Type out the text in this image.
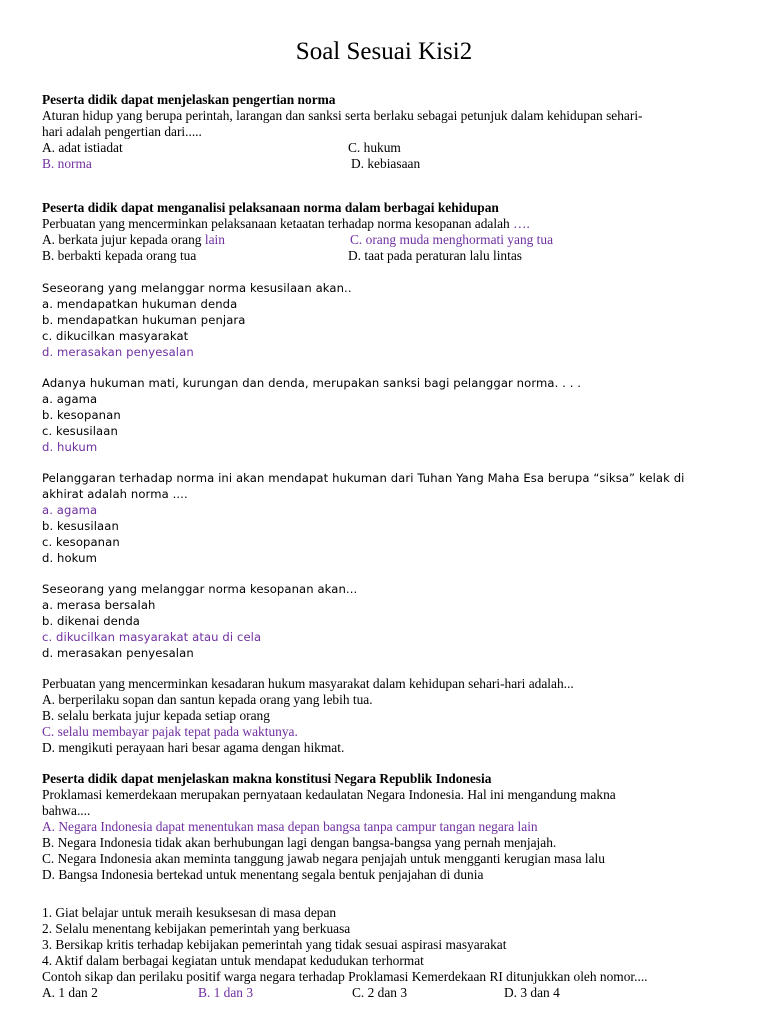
Soal Sesuai Kisi2
Peserta didik dapat menjelaskan pengertian norma
Aturan hidup yang berupa perintah, larangan dan sanksi serta berlaku sebagai petunjuk dalam kehidupan sehari-
hari adalah pengertian dari.....
A. adat istiadat	C. hukum
B. norma	D. kebiasaan
Peserta didik dapat menganalisi pelaksanaan norma dalam berbagai kehidupan
Perbuatan yang mencerminkan pelaksanaan ketaatan terhadap norma kesopanan adalah ….
A. berkata jujur kepada orang lain	C. orang muda menghormati yang tua
B. berbakti kepada orang tua	D. taat pada peraturan lalu lintas
Seseorang yang melanggar norma kesusilaan akan..
a. mendapatkan hukuman denda
b. mendapatkan hukuman penjara
c. dikucilkan masyarakat
d. merasakan penyesalan
Adanya hukuman mati, kurungan dan denda, merupakan sanksi bagi pelanggar norma. . . .
a. agama
b. kesopanan
c. kesusilaan
d. hukum
Pelanggaran terhadap norma ini akan mendapat hukuman dari Tuhan Yang Maha Esa berupa “siksa” kelak di
akhirat adalah norma ....
a. agama
b. kesusilaan
c. kesopanan
d. hokum
Seseorang yang melanggar norma kesopanan akan...
a. merasa bersalah
b. dikenai denda
c. dikucilkan masyarakat atau di cela
d. merasakan penyesalan
Perbuatan yang mencerminkan kesadaran hukum masyarakat dalam kehidupan sehari-hari adalah...
A. berperilaku sopan dan santun kepada orang yang lebih tua.
B. selalu berkata jujur kepada setiap orang
C. selalu membayar pajak tepat pada waktunya.
D. mengikuti perayaan hari besar agama dengan hikmat.
Peserta didik dapat menjelaskan makna konstitusi Negara Republik Indonesia
Proklamasi kemerdekaan merupakan pernyataan kedaulatan Negara Indonesia. Hal ini mengandung makna
bahwa....
A. Negara Indonesia dapat menentukan masa depan bangsa tanpa campur tangan negara lain
B. Negara Indonesia tidak akan berhubungan lagi dengan bangsa-bangsa yang pernah menjajah.
C. Negara Indonesia akan meminta tanggung jawab negara penjajah untuk mengganti kerugian masa lalu
D. Bangsa Indonesia bertekad untuk menentang segala bentuk penjajahan di dunia
1. Giat belajar untuk meraih kesuksesan di masa depan
2. Selalu menentang kebijakan pemerintah yang berkuasa
3. Bersikap kritis terhadap kebijakan pemerintah yang tidak sesuai aspirasi masyarakat
4. Aktif dalam berbagai kegiatan untuk mendapat kedudukan terhormat
Contoh sikap dan perilaku positif warga negara terhadap Proklamasi Kemerdekaan RI ditunjukkan oleh nomor....
A. 1 dan 2	B. 1 dan 3	C. 2 dan 3	D. 3 dan 4
